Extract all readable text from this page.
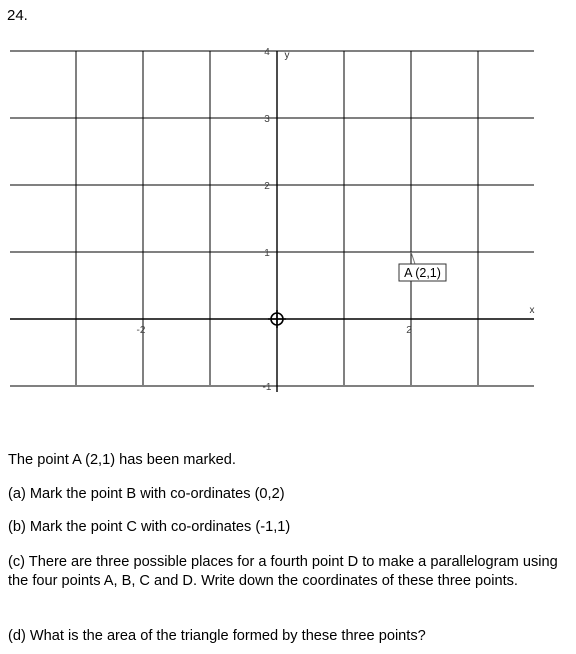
24.
4
3
2
1
-1
-2	2
x
y
A (2,1)
The point A (2,1) has been marked.
(a) Mark the point B with co-ordinates (0,2)
(b) Mark the point C with co-ordinates (-1,1)
(c) There are three possible places for a fourth point D to make a parallelogram using the four points A, B, C and D. Write down the coordinates of these three points.
(d) What is the area of the triangle formed by these three points?
